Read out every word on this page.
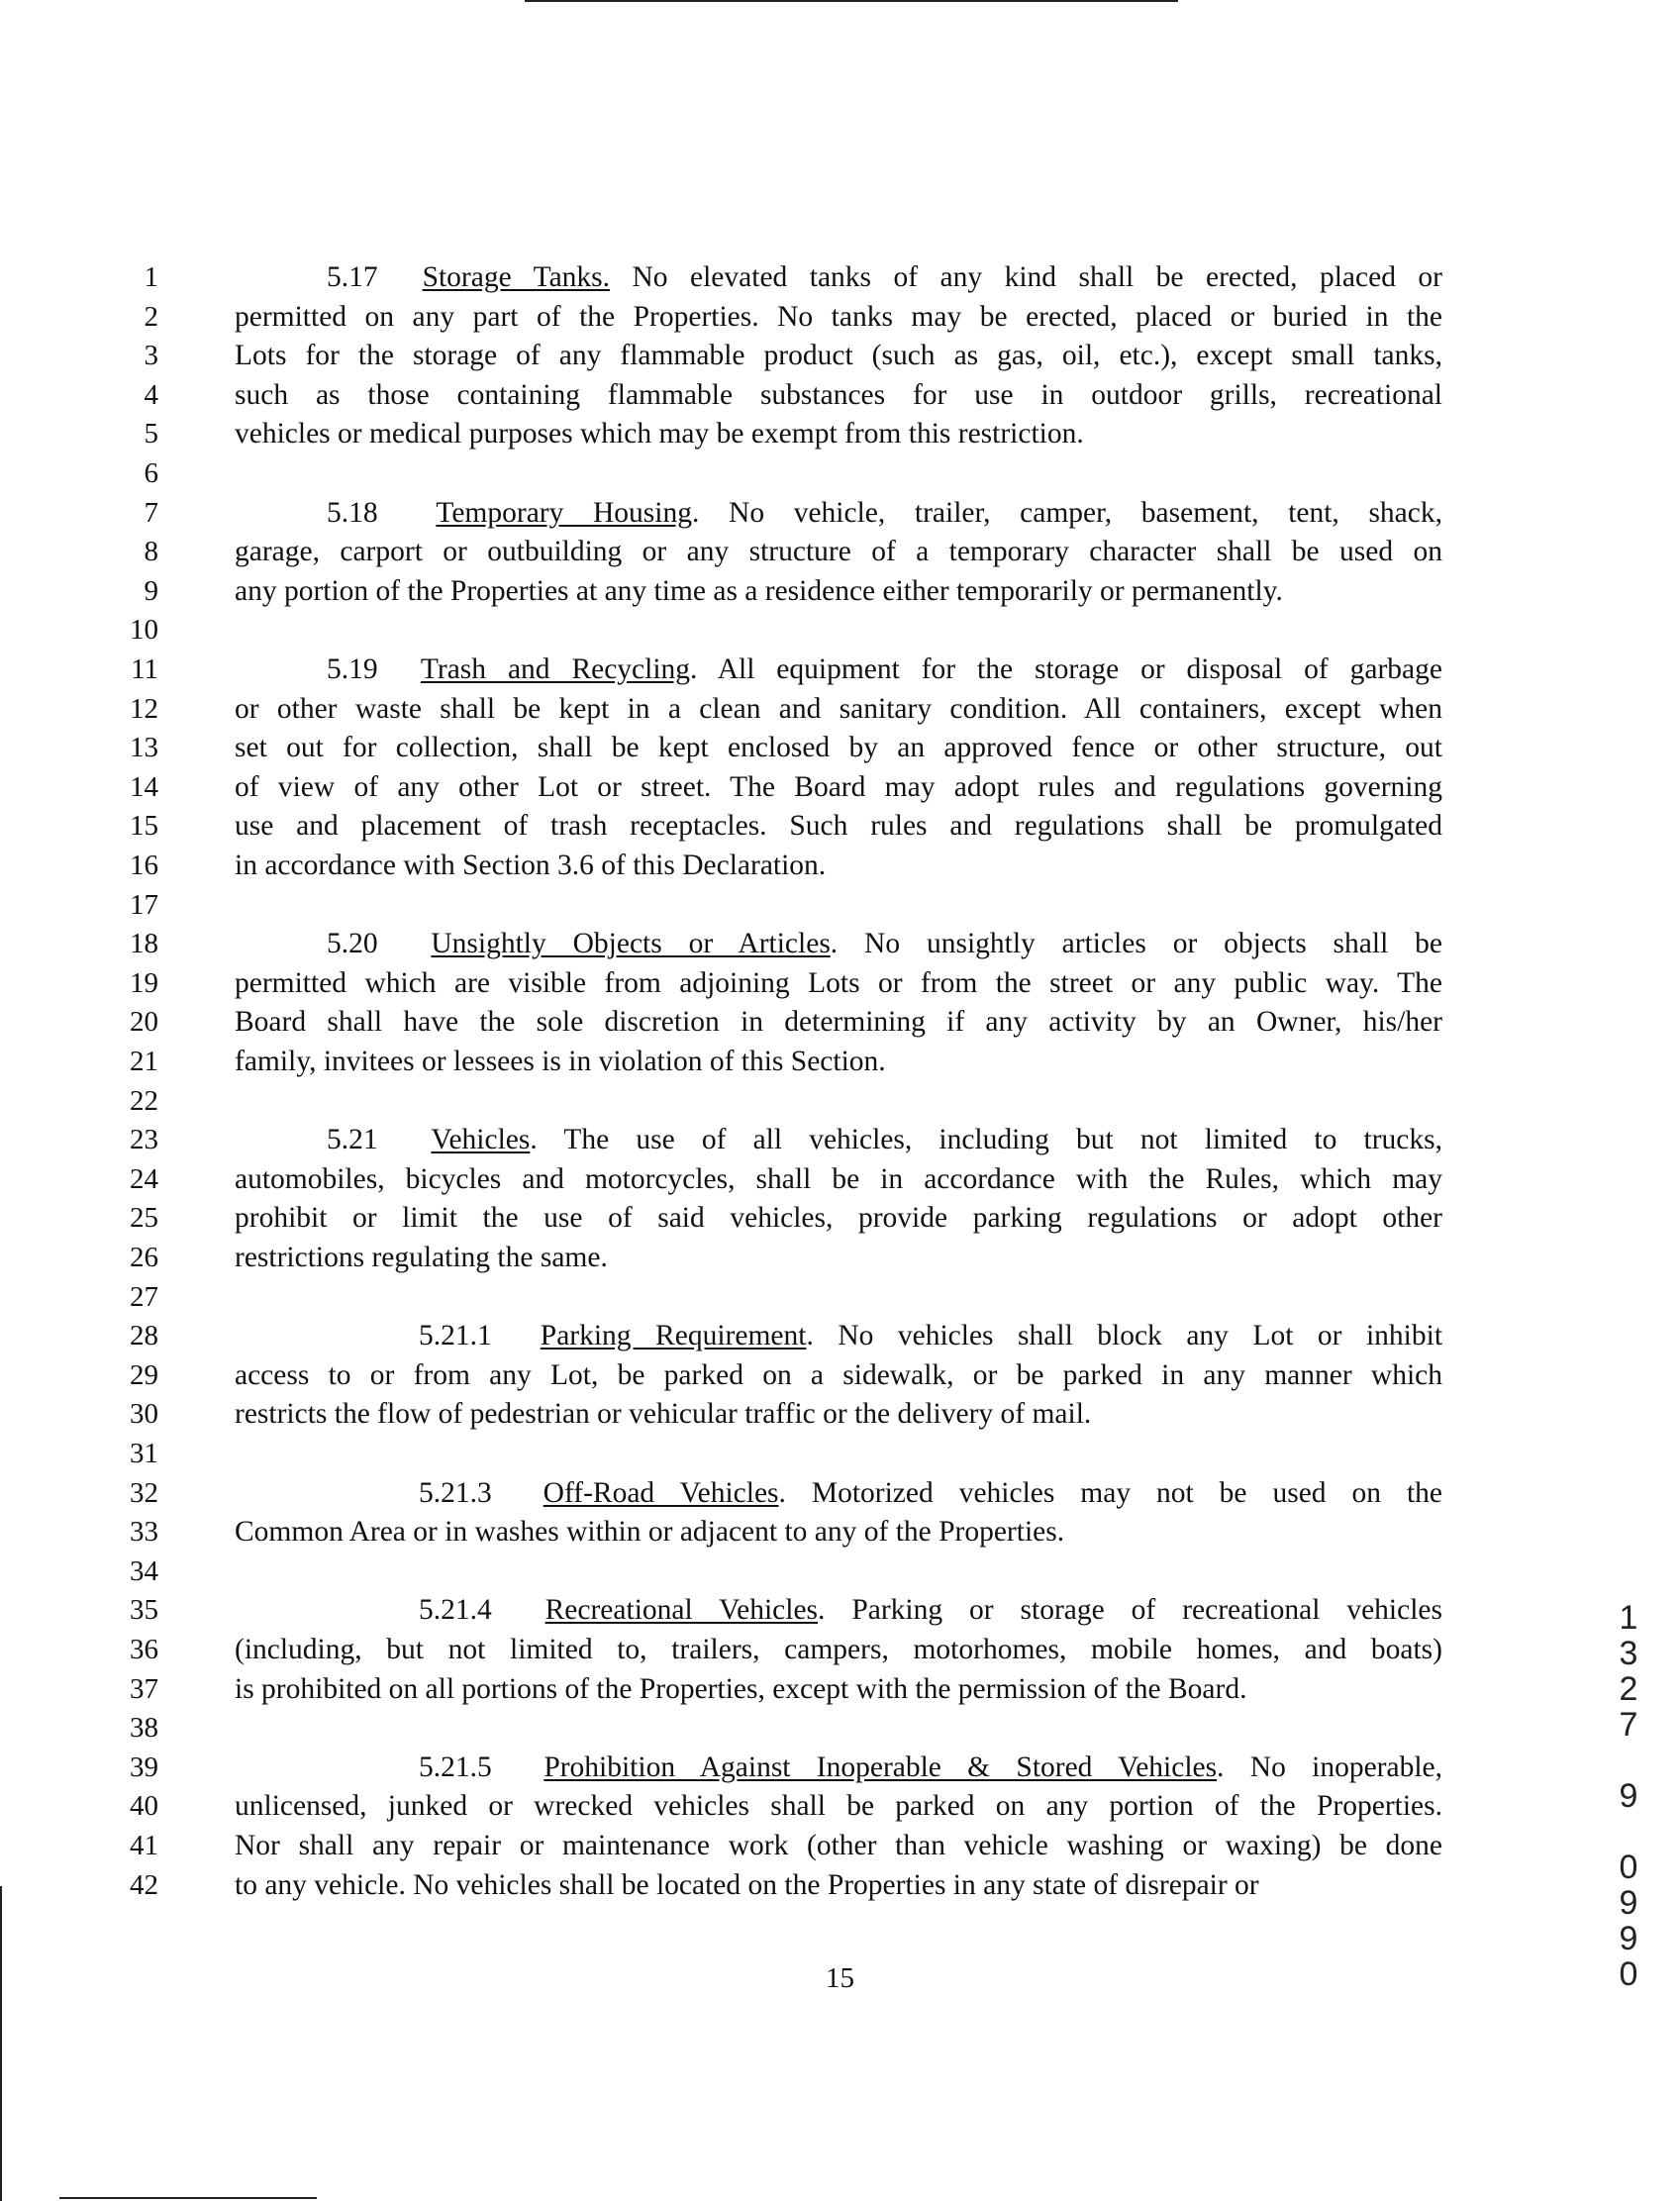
1	5.17 Storage Tanks. No elevated tanks of any kind shall be erected, placed or
2	permitted on any part of the Properties. No tanks may be erected, placed or buried in the
3	Lots for the storage of any flammable product (such as gas, oil, etc.), except small tanks,
4	such as those containing flammable substances for use in outdoor grills, recreational
5	vehicles or medical purposes which may be exempt from this restriction.
6
7	5.18 Temporary Housing. No vehicle, trailer, camper, basement, tent, shack,
8	garage, carport or outbuilding or any structure of a temporary character shall be used on
9	any portion of the Properties at any time as a residence either temporarily or permanently.
10
11	5.19 Trash and Recycling. All equipment for the storage or disposal of garbage
12	or other waste shall be kept in a clean and sanitary condition. All containers, except when
13	set out for collection, shall be kept enclosed by an approved fence or other structure, out
14	of view of any other Lot or street. The Board may adopt rules and regulations governing
15	use and placement of trash receptacles. Such rules and regulations shall be promulgated
16	in accordance with Section 3.6 of this Declaration.
17
18	5.20 Unsightly Objects or Articles. No unsightly articles or objects shall be
19	permitted which are visible from adjoining Lots or from the street or any public way. The
20	Board shall have the sole discretion in determining if any activity by an Owner, his/her
21	family, invitees or lessees is in violation of this Section.
22
23	5.21 Vehicles. The use of all vehicles, including but not limited to trucks,
24	automobiles, bicycles and motorcycles, shall be in accordance with the Rules, which may
25	prohibit or limit the use of said vehicles, provide parking regulations or adopt other
26	restrictions regulating the same.
27
28	5.21.1 Parking Requirement. No vehicles shall block any Lot or inhibit
29	access to or from any Lot, be parked on a sidewalk, or be parked in any manner which
30	restricts the flow of pedestrian or vehicular traffic or the delivery of mail.
31
32	5.21.3 Off-Road Vehicles. Motorized vehicles may not be used on the
33	Common Area or in washes within or adjacent to any of the Properties.
34
35	5.21.4 Recreational Vehicles. Parking or storage of recreational vehicles
36	(including, but not limited to, trailers, campers, motorhomes, mobile homes, and boats)
37	is prohibited on all portions of the Properties, except with the permission of the Board.
38
39	5.21.5 Prohibition Against Inoperable & Stored Vehicles. No inoperable,
40	unlicensed, junked or wrecked vehicles shall be parked on any portion of the Properties.
41	Nor shall any repair or maintenance work (other than vehicle washing or waxing) be done
42	to any vehicle. No vehicles shall be located on the Properties in any state of disrepair or
15	1327 9 0990
